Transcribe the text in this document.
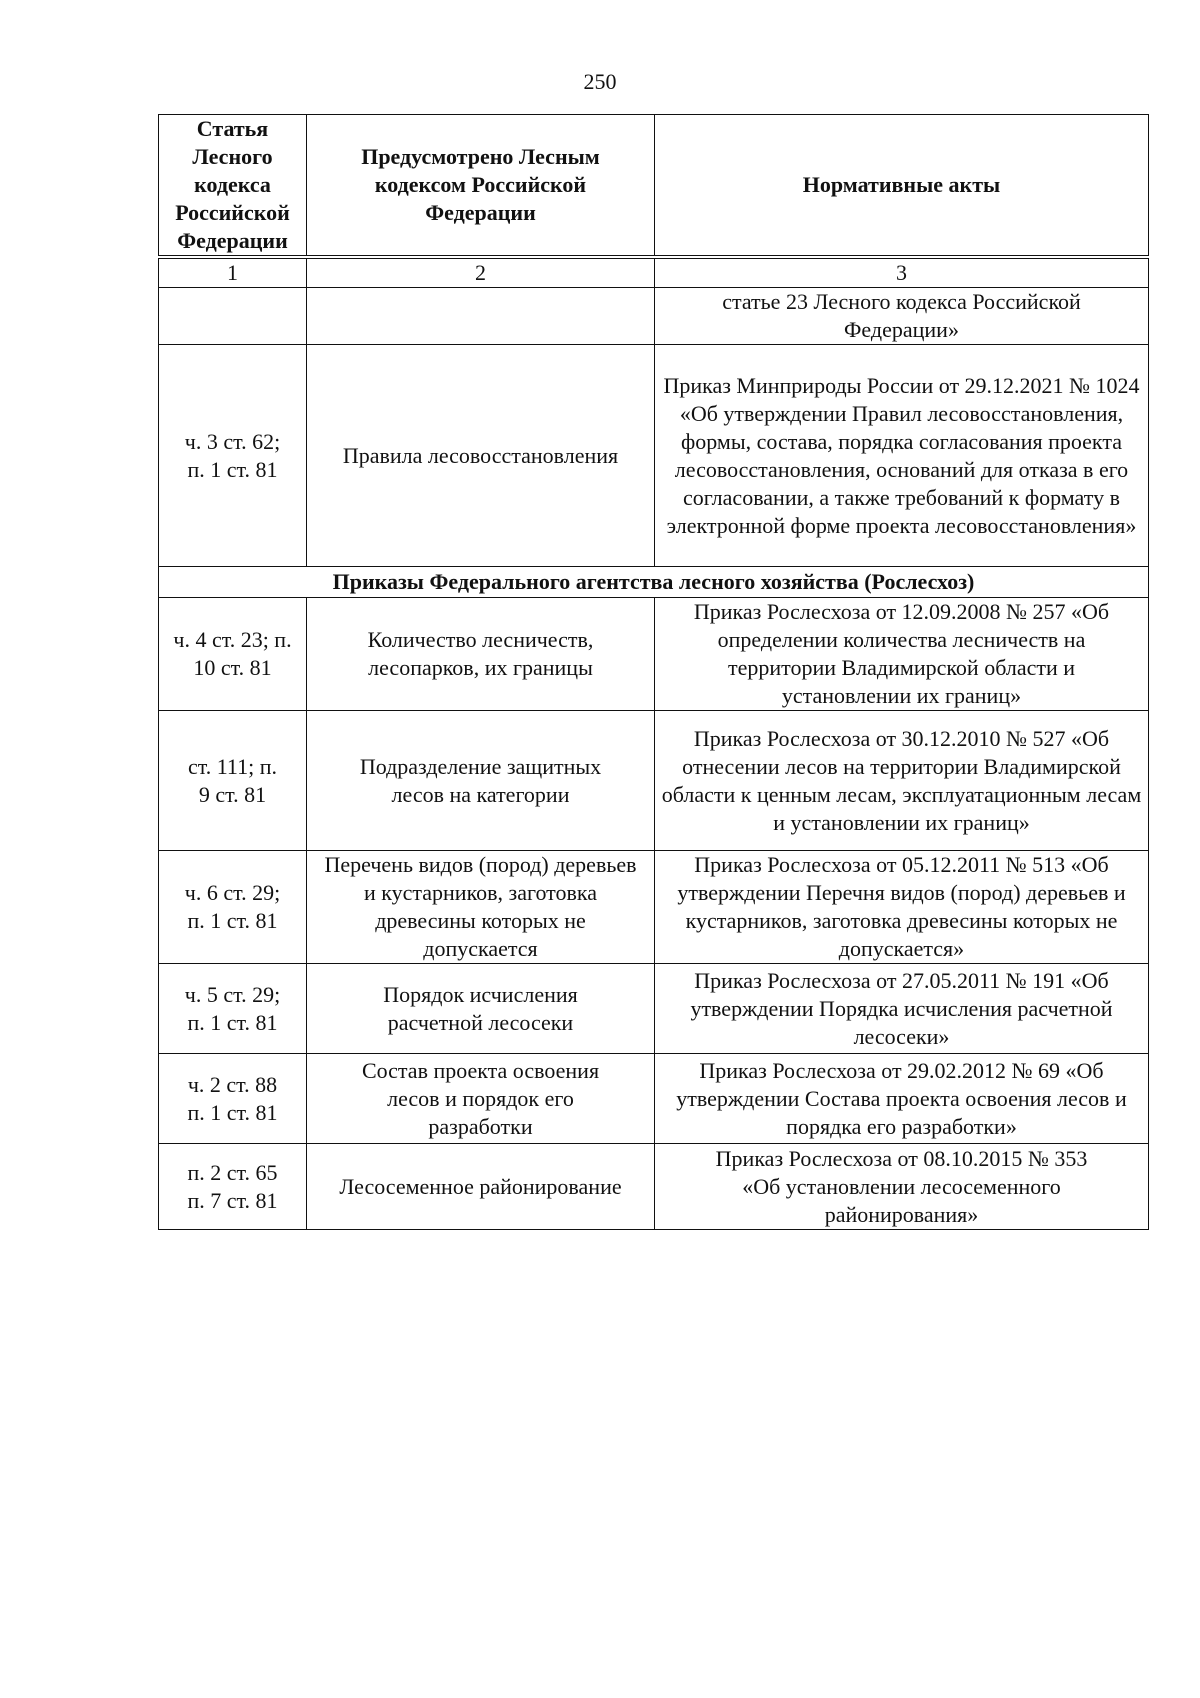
250
Статья Лесного кодекса Российской Федерации	Предусмотрено Лесным кодексом Российской Федерации	Нормативные акты
1	2	3
		статье 23 Лесного кодекса Российской Федерации»
ч. 3 ст. 62; п. 1 ст. 81	Правила лесовосстановления	Приказ Минприроды России от 29.12.2021 № 1024 «Об утверждении Правил лесовосстановления, формы, состава, порядка согласования проекта лесовосстановления, оснований для отказа в его согласовании, а также требований к формату в электронной форме проекта лесовосстановления»
Приказы Федерального агентства лесного хозяйства (Рослесхоз)		
ч. 4 ст. 23; п. 10 ст. 81	Количество лесничеств, лесопарков, их границы	Приказ Рослесхоза от 12.09.2008 № 257 «Об определении количества лесничеств на территории Владимирской области и установлении их границ»
ст. 111; п. 9 ст. 81	Подразделение защитных лесов на категории	Приказ Рослесхоза от 30.12.2010 № 527 «Об отнесении лесов на территории Владимирской области к ценным лесам, эксплуатационным лесам и установлении их границ»
ч. 6 ст. 29; п. 1 ст. 81	Перечень видов (пород) деревьев и кустарников, заготовка древесины которых не допускается	Приказ Рослесхоза от 05.12.2011 № 513 «Об утверждении Перечня видов (пород) деревьев и кустарников, заготовка древесины которых не допускается»
ч. 5 ст. 29; п. 1 ст. 81	Порядок исчисления расчетной лесосеки	Приказ Рослесхоза от 27.05.2011 № 191 «Об утверждении Порядка исчисления расчетной лесосеки»
ч. 2 ст. 88 п. 1 ст. 81	Состав проекта освоения лесов и порядок его разработки	Приказ Рослесхоза от 29.02.2012 № 69 «Об утверждении Состава проекта освоения лесов и порядка его разработки»
п. 2 ст. 65 п. 7 ст. 81	Лесосеменное районирование	Приказ Рослесхоза от 08.10.2015 № 353 «Об установлении лесосеменного районирования»
